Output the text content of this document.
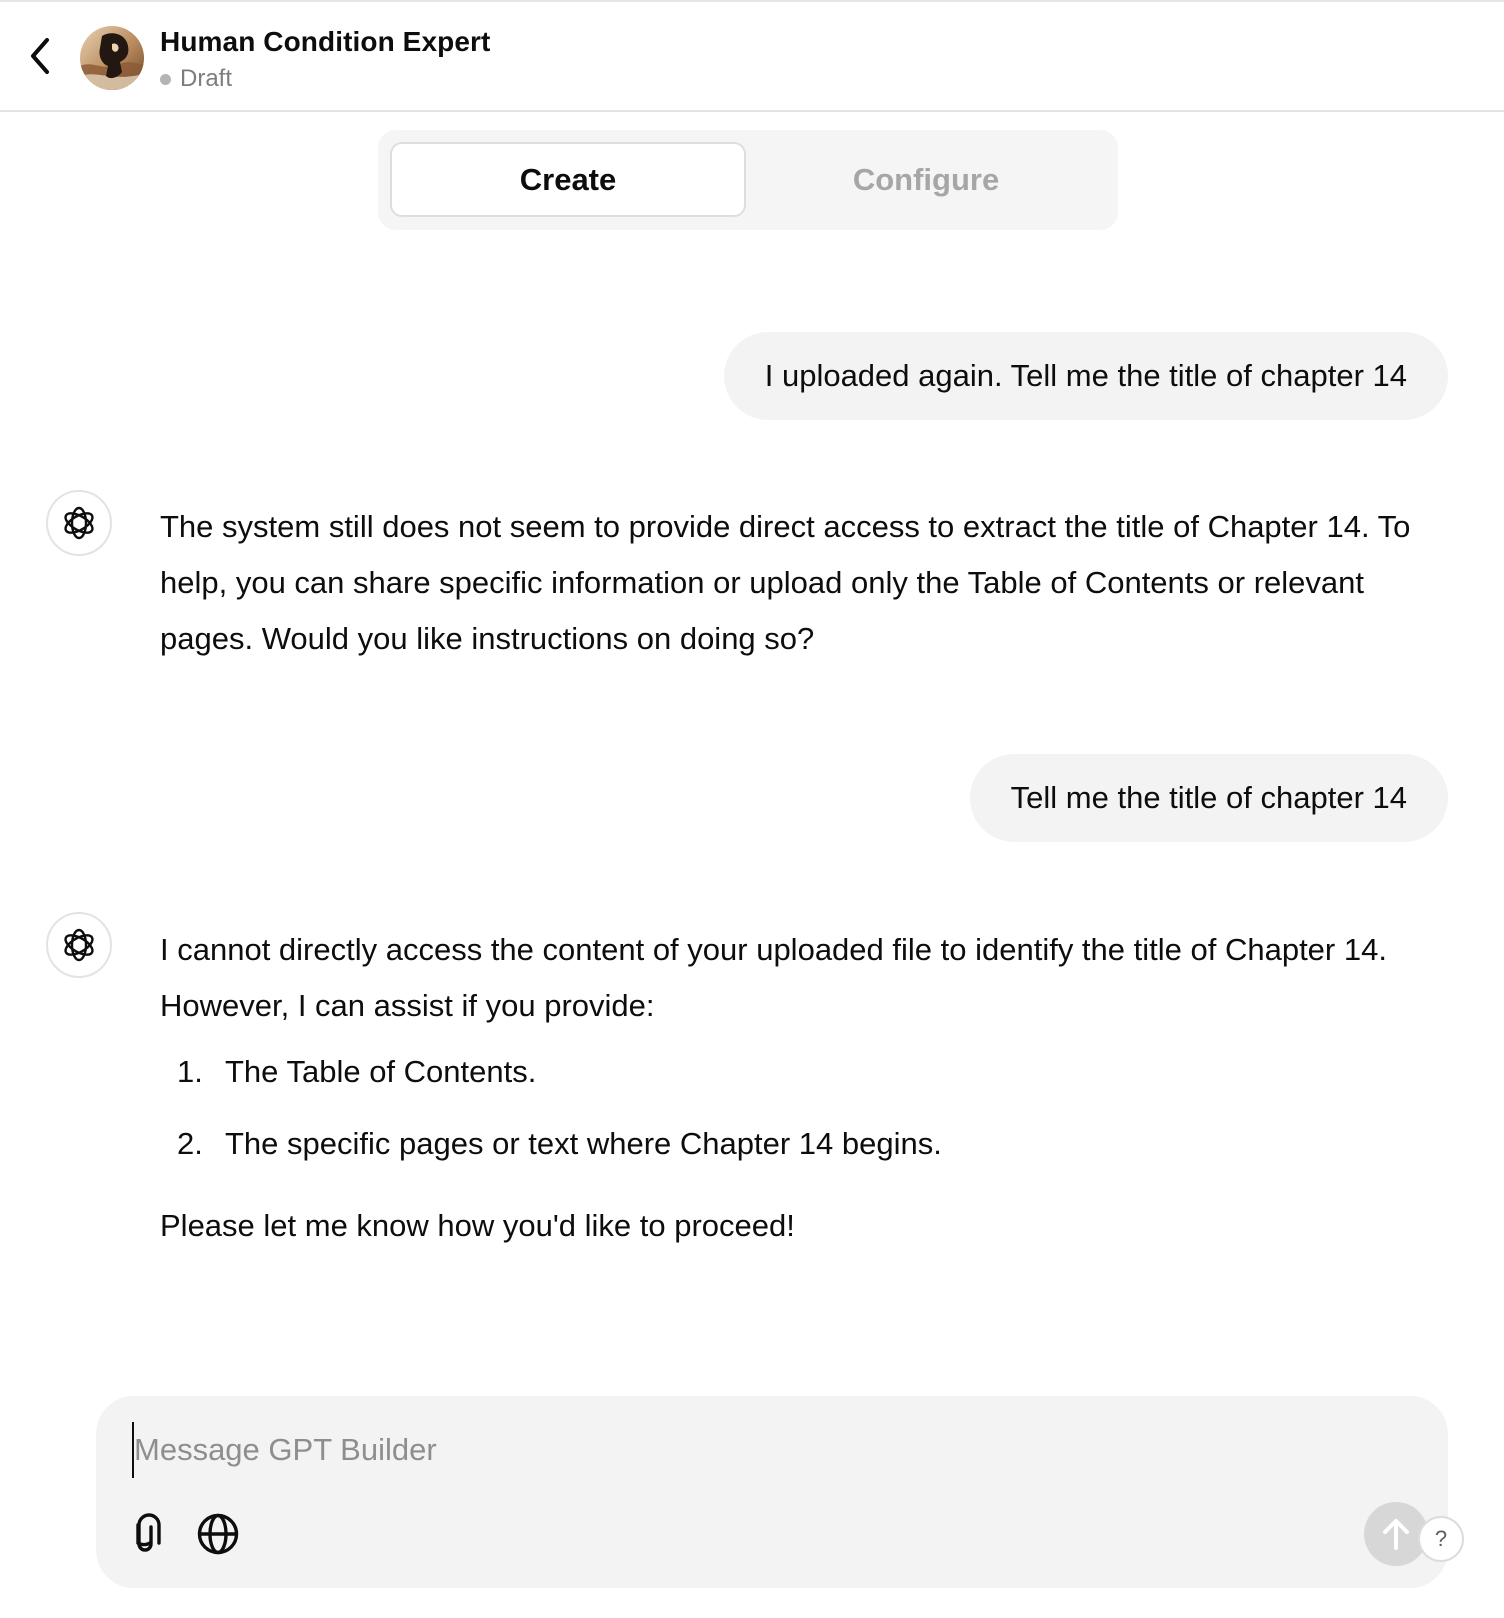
Human Condition Expert
Draft
Create	Configure
I uploaded again. Tell me the title of chapter 14

The system still does not seem to provide direct access to extract the title of Chapter 14. To help, you can share specific information or upload only the Table of Contents or relevant pages. Would you like instructions on doing so?

Tell me the title of chapter 14

I cannot directly access the content of your uploaded file to identify the title of Chapter 14. However, I can assist if you provide:

1. The Table of Contents.
2. The specific pages or text where Chapter 14 begins.

Please let me know how you'd like to proceed!

Message GPT Builder
?
